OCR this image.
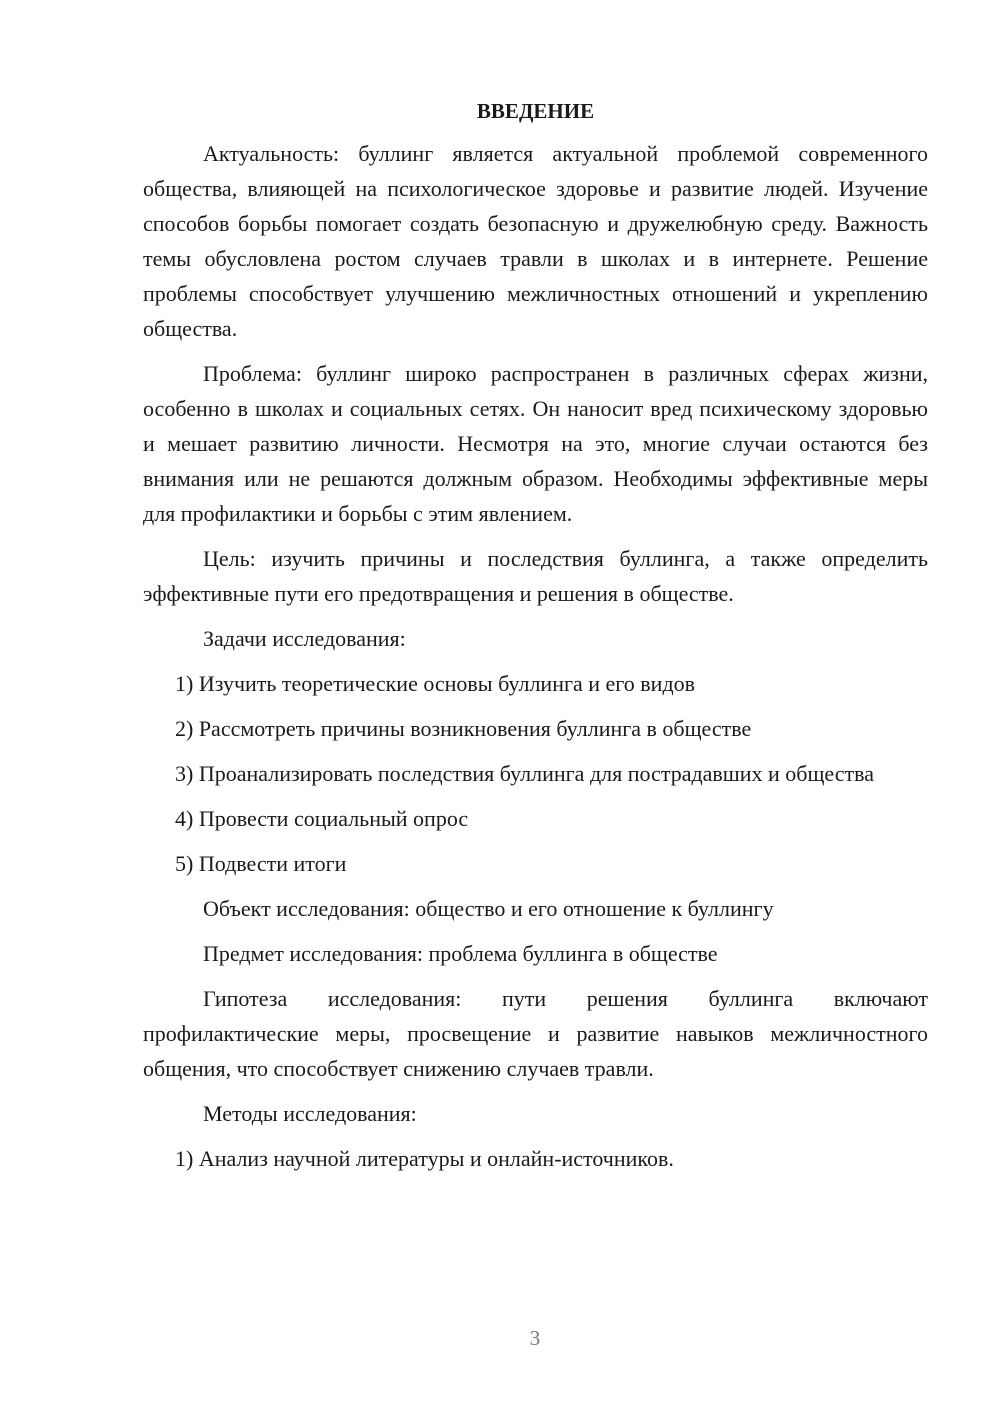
ВВЕДЕНИЕ

Актуальность: буллинг является актуальной проблемой современного общества, влияющей на психологическое здоровье и развитие людей. Изучение способов борьбы помогает создать безопасную и дружелюбную среду. Важность темы обусловлена ростом случаев травли в школах и в интернете. Решение проблемы способствует улучшению межличностных отношений и укреплению общества.

Проблема: буллинг широко распространен в различных сферах жизни, особенно в школах и социальных сетях. Он наносит вред психическому здоровью и мешает развитию личности. Несмотря на это, многие случаи остаются без внимания или не решаются должным образом. Необходимы эффективные меры для профилактики и борьбы с этим явлением.

Цель: изучить причины и последствия буллинга, а также определить эффективные пути его предотвращения и решения в обществе.

Задачи исследования:

1) Изучить теоретические основы буллинга и его видов

2) Рассмотреть причины возникновения буллинга в обществе

3) Проанализировать последствия буллинга для пострадавших и общества

4) Провести социальный опрос

5) Подвести итоги

Объект исследования: общество и его отношение к буллингу

Предмет исследования: проблема буллинга в обществе

Гипотеза исследования: пути решения буллинга включают профилактические меры, просвещение и развитие навыков межличностного общения, что способствует снижению случаев травли.

Методы исследования:

1) Анализ научной литературы и онлайн-источников.

3
